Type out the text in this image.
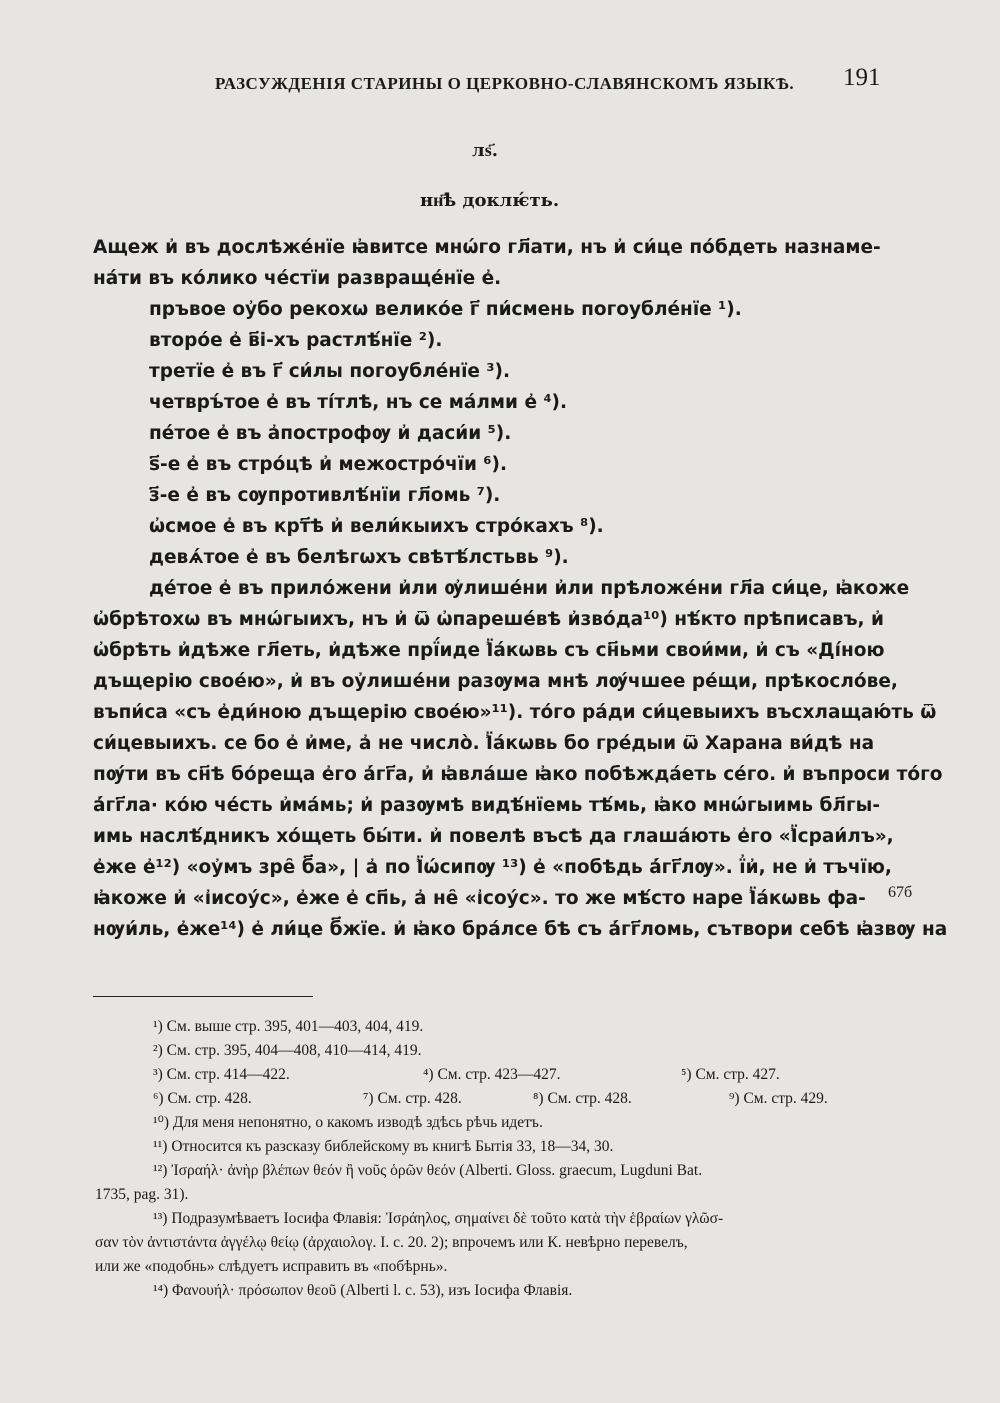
РАЗСУЖДЕНІЯ СТАРИНЫ О ЦЕРКОВНО-СЛАВЯНСКОМЪ ЯЗЫКѢ. 191
лѕ҃.
нн҃ѣ доклѥ́ть.
Ащеж и҆ въ дослѣже́нїе ꙗ҆витсе мнѡ́го гл҃ати, нъ и҆ си́це по́бдеть назнаме-
на́ти въ ко́лико че́стїи развраще́нїе е҆.
пръвое оу҆бо рекохѡ велико́е г҃ пи́смень погоубле́нїе ¹).
второ́е е҆ в҃і-хъ растлѣ́нїе ²).
третїе е҆ въ г҃ си́лы погоубле́нїе ³).
четвръ́тое е҆ въ ті́тлѣ, нъ се ма́лми е҆ ⁴).
пе́тое е҆ въ а҆построфѹ и҆ даси́и ⁵).
ѕ҃-е е҆ въ стро́цѣ и҆ межостро́чїи ⁶).
з҃-е е҆ въ сѹпротивлѣ́нїи гл҃омь ⁷).
ѡ҆смое е҆ въ крт҃ѣ и҆ вели́кыихъ стро́кахъ ⁸).
девѧ́тое е҆ въ белѣгѡхъ свѣтѣ́лстьвь ⁹).
де́тое е҆ въ прило́жени и҆ли ѹ҆лише́ни и҆ли прѣложе́ни гл҃а си́це, ꙗ҆коже
ѡ҆брѣтохѡ въ мнѡ́гыихъ, нъ и҆ ѿ ѡ҆пареше́вѣ и҆зво́да¹⁰) нѣ́кто прѣписавъ, и҆
ѡ҆брѣть и҆дѣже гл҃еть, и҆дѣже прї́иде Ї҆а́кѡвь съ сн҃ьми свои́ми, и҆ съ «Ді́ною
дъщерію свое́ю», и҆ въ оу҆лише́ни разѹма мнѣ лѹ́чшее ре́щи, прѣкосло́ве,
въпи́са «съ е҆ди́ною дъщерію свое́ю»¹¹). то́го ра́ди си́цевыихъ въсхлащаю́ть ѿ
си́цевыихъ. се бо е҆ и҆ме, а҆ не число̀. Ї҆а́кѡвь бо гре́дыи ѿ Харана ви́дѣ на
пѹ́ти въ сн҃ѣ бо́реща е҆го а҆́гг҃а, и҆ ꙗ҆вла́ше ꙗ҆ко побѣжда́еть се́го. и҆ въпроси то́го
а҆́гг҃ла· ко́ю че́сть и҆ма́мь; и҆ разѹмѣ видѣ́нїемь тѣ́мь, ꙗ҆ко мнѡ́гыимь бл҃гы-
имь наслѣ́дникъ хо́щеть бы́ти. и҆ повелѣ въсѣ да глаша́ють е҆го «Ї҆сраи́лъ»,
е҆же е҆¹²) «оу҆мъ зре̑ б҃а», | а҆ по Ї҆ѡ́сипѹ ¹³) е҆ «побѣдь а҆́гг҃лѹ». ї҆и҆, не и҆ тъчїю,
ꙗ҆коже и҆ «і҆исоу́с», е҆же е҆ сп҃ь, а҆ не̑ «і҆соу́с». то же мѣ́сто наре Ї҆а́кѡвь фа-
нѹи́ль, е҆же¹⁴) е҆ ли́це б҃жїе. и҆ ꙗ҆ко бра́лсе бѣ съ а҆́гг҃ломь, сътвори себѣ ꙗ҆звѹ на
67б
¹) См. выше стр. 395, 401—403, 404, 419.
²) См. стр. 395, 404—408, 410—414, 419.
³) См. стр. 414—422.	⁴) См. стр. 423—427.	⁵) См. стр. 427.
⁶) См. стр. 428.	⁷) См. стр. 428.	⁸) См. стр. 428.	⁹) См. стр. 429.
¹⁰) Для меня непонятно, о какомъ изводѣ здѣсь рѣчь идетъ.
¹¹) Относится къ разсказу библейскому въ книгѣ Бытія 33, 18—34, 30.
¹²) Ἰσραήλ· ἀνὴρ βλέπων θεόν ἢ νοῦς ὁρῶν θεόν (Alberti. Gloss. graecum, Lugduni Bat.
1735, pag. 31).
¹³) Подразумѣваетъ Іосифа Флавія: Ἰσράηλος, σημαίνει δὲ τοῦτο κατὰ τὴν ἑβραίων γλῶσ-
σαν τὸν ἀντιστάντα ἀγγέλῳ θείῳ (ἀρχαιολογ. I. c. 20. 2); впрочемъ или К. невѣрно перевелъ,
или же «подобнь» слѣдуетъ исправить въ «побѣрнь».
¹⁴) Φανουήλ· πρόσωπον θεοῦ (Alberti l. c. 53), изъ Іосифа Флавія.
